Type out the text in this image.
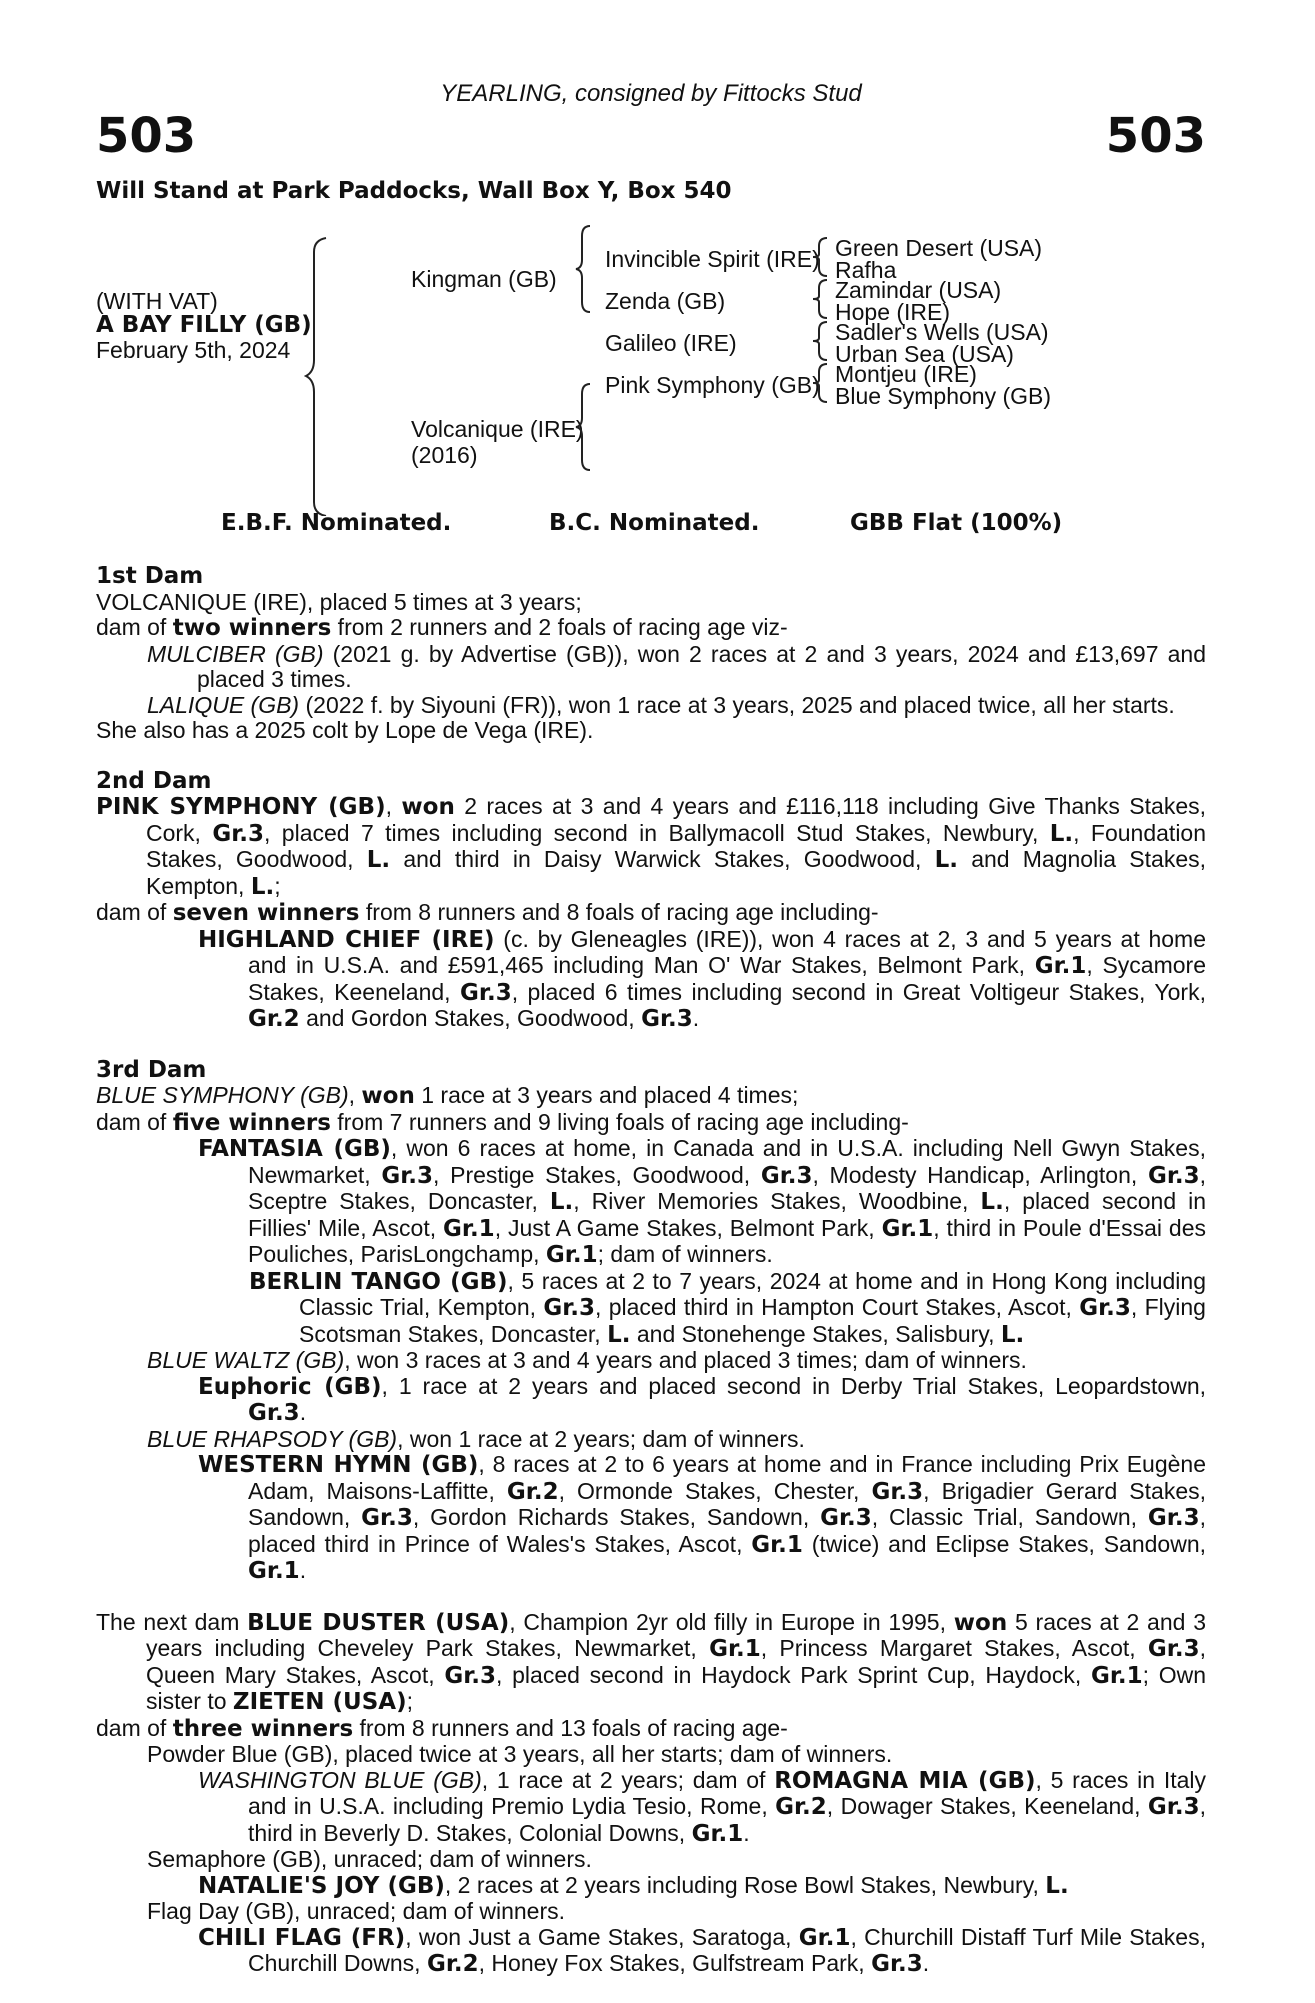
YEARLING, consigned by Fittocks Stud
503	503
Will Stand at Park Paddocks, Wall Box Y, Box 540
(WITH VAT)
A BAY FILLY (GB)
February 5th, 2024
Kingman (GB)
Volcanique (IRE)
(2016)
Invincible Spirit (IRE)
Zenda (GB)
Galileo (IRE)
Pink Symphony (GB)
Green Desert (USA)
Rafha
Zamindar (USA)
Hope (IRE)
Sadler's Wells (USA)
Urban Sea (USA)
Montjeu (IRE)
Blue Symphony (GB)
E.B.F. Nominated.	B.C. Nominated.	GBB Flat (100%)
1st Dam
VOLCANIQUE (IRE), placed 5 times at 3 years;
dam of two winners from 2 runners and 2 foals of racing age viz-
MULCIBER (GB) (2021 g. by Advertise (GB)), won 2 races at 2 and 3 years, 2024 and £13,697 and placed 3 times.
LALIQUE (GB) (2022 f. by Siyouni (FR)), won 1 race at 3 years, 2025 and placed twice, all her starts.
She also has a 2025 colt by Lope de Vega (IRE).
2nd Dam
PINK SYMPHONY (GB), won 2 races at 3 and 4 years and £116,118 including Give Thanks Stakes, Cork, Gr.3, placed 7 times including second in Ballymacoll Stud Stakes, Newbury, L., Foundation Stakes, Goodwood, L. and third in Daisy Warwick Stakes, Goodwood, L. and Magnolia Stakes, Kempton, L.;
dam of seven winners from 8 runners and 8 foals of racing age including-
HIGHLAND CHIEF (IRE) (c. by Gleneagles (IRE)), won 4 races at 2, 3 and 5 years at home and in U.S.A. and £591,465 including Man O' War Stakes, Belmont Park, Gr.1, Sycamore Stakes, Keeneland, Gr.3, placed 6 times including second in Great Voltigeur Stakes, York, Gr.2 and Gordon Stakes, Goodwood, Gr.3.
3rd Dam
BLUE SYMPHONY (GB), won 1 race at 3 years and placed 4 times;
dam of five winners from 7 runners and 9 living foals of racing age including-
FANTASIA (GB), won 6 races at home, in Canada and in U.S.A. including Nell Gwyn Stakes, Newmarket, Gr.3, Prestige Stakes, Goodwood, Gr.3, Modesty Handicap, Arlington, Gr.3, Sceptre Stakes, Doncaster, L., River Memories Stakes, Woodbine, L., placed second in Fillies' Mile, Ascot, Gr.1, Just A Game Stakes, Belmont Park, Gr.1, third in Poule d'Essai des Pouliches, ParisLongchamp, Gr.1; dam of winners.
BERLIN TANGO (GB), 5 races at 2 to 7 years, 2024 at home and in Hong Kong including Classic Trial, Kempton, Gr.3, placed third in Hampton Court Stakes, Ascot, Gr.3, Flying Scotsman Stakes, Doncaster, L. and Stonehenge Stakes, Salisbury, L.
BLUE WALTZ (GB), won 3 races at 3 and 4 years and placed 3 times; dam of winners.
Euphoric (GB), 1 race at 2 years and placed second in Derby Trial Stakes, Leopardstown, Gr.3.
BLUE RHAPSODY (GB), won 1 race at 2 years; dam of winners.
WESTERN HYMN (GB), 8 races at 2 to 6 years at home and in France including Prix Eugène Adam, Maisons-Laffitte, Gr.2, Ormonde Stakes, Chester, Gr.3, Brigadier Gerard Stakes, Sandown, Gr.3, Gordon Richards Stakes, Sandown, Gr.3, Classic Trial, Sandown, Gr.3, placed third in Prince of Wales's Stakes, Ascot, Gr.1 (twice) and Eclipse Stakes, Sandown, Gr.1.
The next dam BLUE DUSTER (USA), Champion 2yr old filly in Europe in 1995, won 5 races at 2 and 3 years including Cheveley Park Stakes, Newmarket, Gr.1, Princess Margaret Stakes, Ascot, Gr.3, Queen Mary Stakes, Ascot, Gr.3, placed second in Haydock Park Sprint Cup, Haydock, Gr.1; Own sister to ZIETEN (USA);
dam of three winners from 8 runners and 13 foals of racing age-
Powder Blue (GB), placed twice at 3 years, all her starts; dam of winners.
WASHINGTON BLUE (GB), 1 race at 2 years; dam of ROMAGNA MIA (GB), 5 races in Italy and in U.S.A. including Premio Lydia Tesio, Rome, Gr.2, Dowager Stakes, Keeneland, Gr.3, third in Beverly D. Stakes, Colonial Downs, Gr.1.
Semaphore (GB), unraced; dam of winners.
NATALIE'S JOY (GB), 2 races at 2 years including Rose Bowl Stakes, Newbury, L.
Flag Day (GB), unraced; dam of winners.
CHILI FLAG (FR), won Just a Game Stakes, Saratoga, Gr.1, Churchill Distaff Turf Mile Stakes, Churchill Downs, Gr.2, Honey Fox Stakes, Gulfstream Park, Gr.3.
